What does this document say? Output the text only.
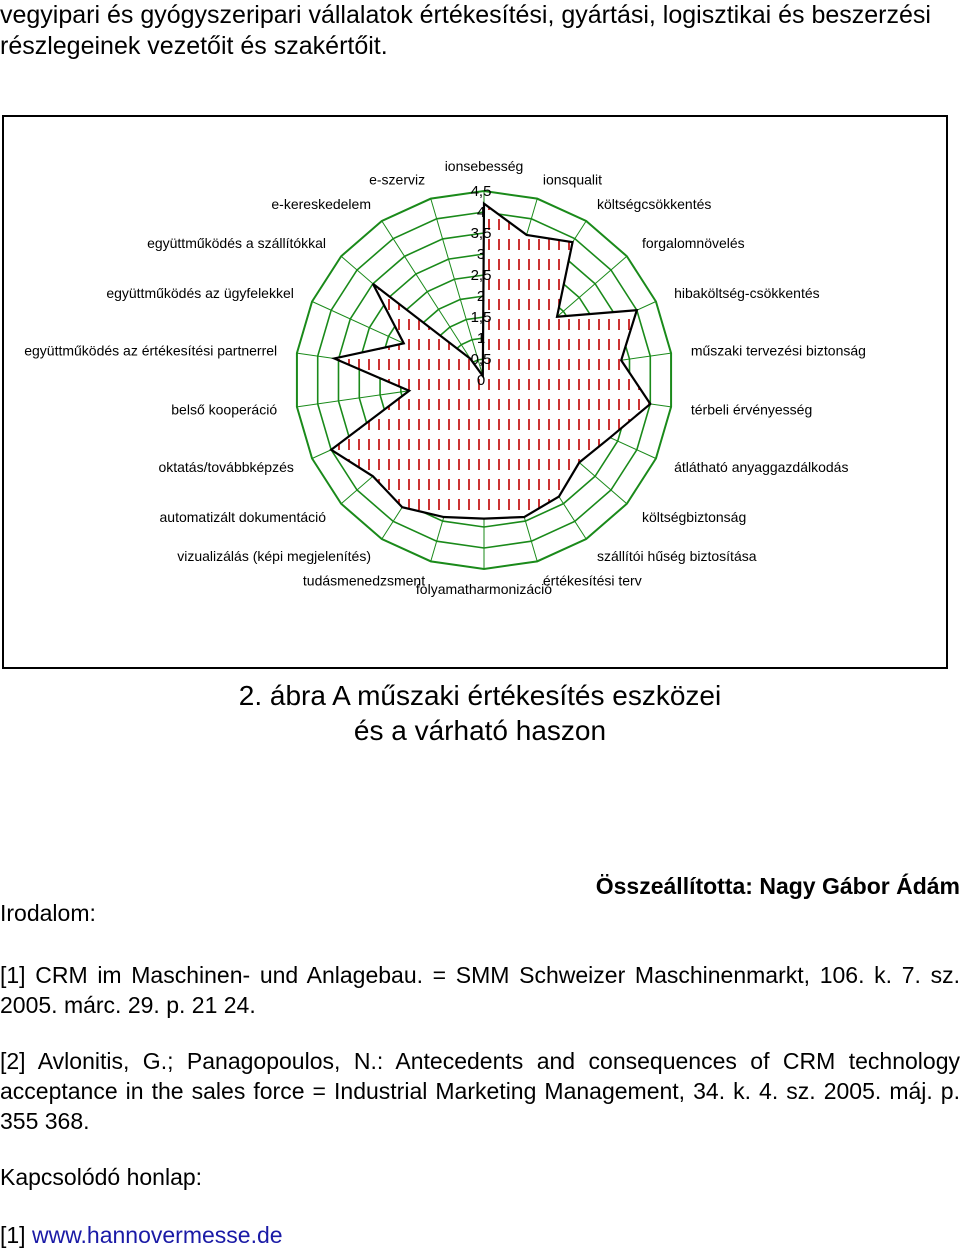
vegyipari és gyógyszeripari vállalatok értékesítési, gyártási, logisztikai és beszerzési részlegeinek vezetőit és szakértőit.

0
0,5
1
1,5
2
2,5
3
3,5
4
4,5
ionsebesség
ionsqualit
költségcsökkentés
forgalomnövelés
hibaköltség-csökkentés
műszaki tervezési biztonság
térbeli érvényesség
átlátható anyaggazdálkodás
költségbiztonság
szállítói hűség biztosítása
értékesítési terv
folyamatharmonizáció
tudásmenedzsment
vizualizálás (képi megjelenítés)
automatizált dokumentáció
oktatás/továbbképzés
belső kooperáció
együttműködés az értékesítési partnerrel
együttműködés az ügyfelekkel
együttműködés a szállítókkal
e-kereskedelem
e-szerviz

2. ábra A műszaki értékesítés eszközei
és a várható haszon

Irodalom:
Összeállította: Nagy Gábor Ádám

[1] CRM im Maschinen- und Anlagebau. = SMM Schweizer Maschinenmarkt, 106. k. 7. sz. 2005. márc. 29. p. 21 24.

[2] Avlonitis, G.; Panagopoulos, N.: Antecedents and consequences of CRM technology acceptance in the sales force = Industrial Marketing Management, 34. k. 4. sz. 2005. máj. p. 355 368.

Kapcsolódó honlap:
[1] www.hannovermesse.de
